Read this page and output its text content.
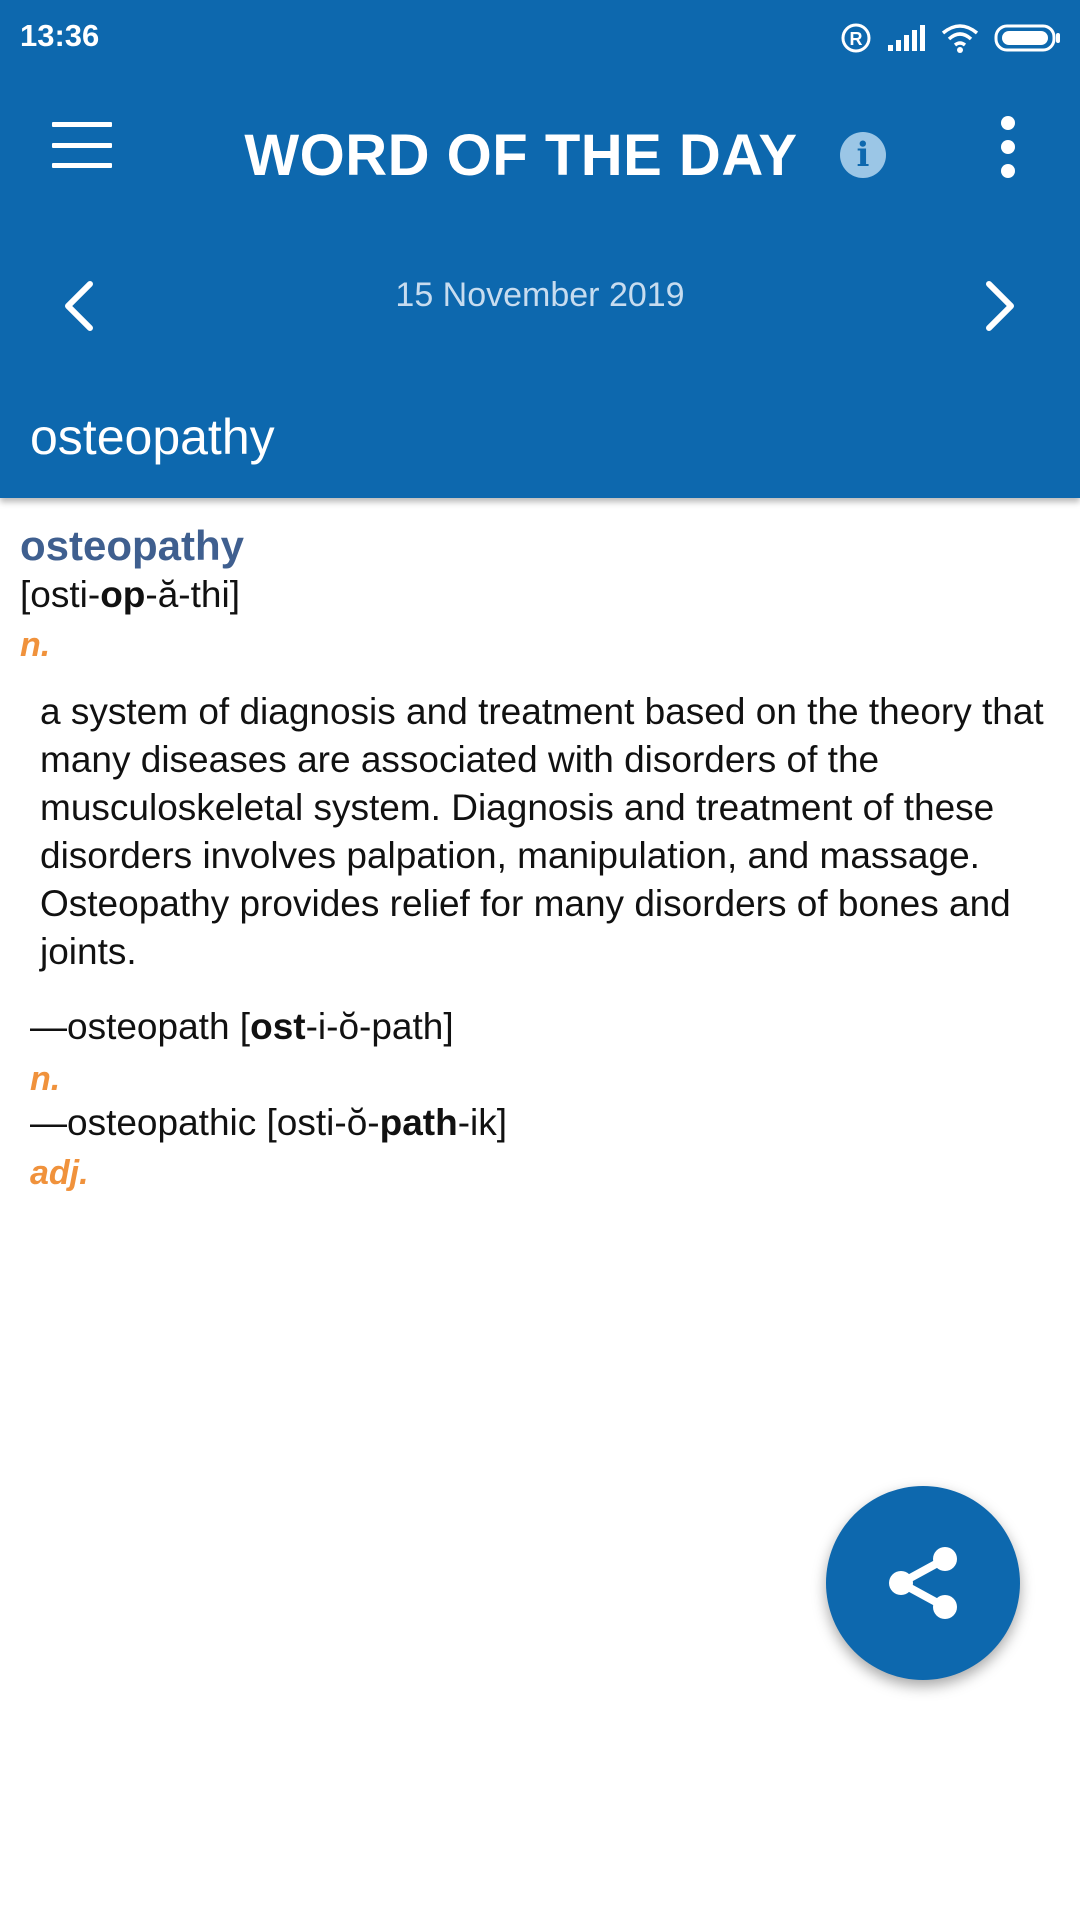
13:36	R
WORD OF THE DAY	i
15 November 2019
osteopathy
osteopathy
[osti-op-ă-thi]
n.
a system of diagnosis and treatment based on the theory that many diseases are associated with disorders of the musculoskeletal system. Diagnosis and treatment of these disorders involves palpation, manipulation, and massage. Osteopathy provides relief for many disorders of bones and joints.
—osteopath [ost-i-ŏ-path]
n.
—osteopathic [osti-ŏ-path-ik]
adj.
